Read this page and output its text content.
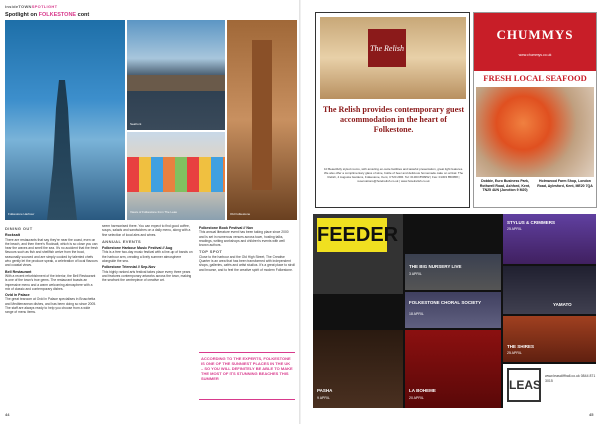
insideTOWNSPOTLIGHT
Spotlight on FOLKESTONE cont
Folkestone Harbour
Seafront
Views of Folkestone from The Leas	Old Folkestone
DINING OUT
Rocksalt

There are restaurants that say they're near the coast, even on the beach, and then there's Rocksalt, which is so close you can hear the waves and smell the sea. It's no accident that the fresh flavours such as fish and shellfish arrive from the boat, seasonally sourced and are simply cooked by talented chefs who gently let the produce speak, a celebration of local flavours and coastal views.

Bell Restaurant

With a recent refurbishment of the interior, the Bell Restaurant is one of the town's true gems. The restaurant boasts an impressive menu and a warm welcoming atmosphere with a mix of classic and contemporary dishes.

Ovid in Palace

The great tearoom at Ovid in Palace specialises in Bruschetta and Mediterranean dishes, and has been doing so since 2005. The staff are always ready to help you choose from a wide range of menu items.

seem harmonised there. You can expect to find good coffee, soups, salads and sandwiches on a daily menu, along with a fine selection of local ales and wines.

ANNUAL EVENTS
Folkestone Harbour Music Festival // Aug

This is a free two-day music festival with a line-up of bands on the harbour arm, creating a lively summer atmosphere alongside the sea.

Folkestone Triennial // Sep-Nov

This highly ranked arts festival takes place every three years and features contemporary artworks across the town, making the seafront the centrepiece of creative art.

Folkestone Book Festival // Nov

This annual literature event has been taking place since 2000 and is set in numerous venues across town, hosting talks, readings, writing workshops and children's events with well known authors.

TOP SPOT

Close to the harbour and the Old High Street, The Creative Quarter is an area that has been transformed with independent shops, galleries, cafés and artist studios. It's a great place to stroll and browse, and to feel the creative spirit of modern Folkestone.

ACCORDING TO THE EXPERTS, FOLKESTONE IS ONE OF THE SUNNIEST PLACES IN THE UK – SO YOU WILL DEFINITELY BE ABLE TO MAKE THE MOST OF ITS STUNNING BEACHES THIS SUMMER
44
The Relish
The Relish provides contemporary guest accommodation in the heart of Folkestone.
10 Beautifully styled rooms, with amazing en-suite facilities and tasteful presentation, great light features. We also offer a complimentary glass of wine, bottle of beer and delicious homemade cake on arrival. The Relish, 4 Augusta Gardens, Folkestone, Kent, CT20 2RR. Tel: 01303 850952 | Fax: 01303 850958 | reservations@hotelrelish.co.uk | www.hotelrelish.co.uk
CHUMMYS
www.chummys.co.uk
FRESH LOCAL SEAFOOD
Dobbie, Euro Business Park, Rothwell Road, Ashford, Kent, TN25 4UN (Junction 9 M20)
Holmwood Farm Shop, London Road, Aylesford, Kent, ME20 7QA
FEEDER
STYLUS & CRIMMERS
25 APRIL
THE BIG NURSERY LIVE
3 APRIL
YAMATO
FOLKESTONE CHORAL SOCIETY
18 APRIL
THE SHIRES
25 APRIL
PASHA
9 APRIL
LA BOHEME
20 APRIL
LEAS
www.leascliffhall.co.uk 0844 871 3015
45
